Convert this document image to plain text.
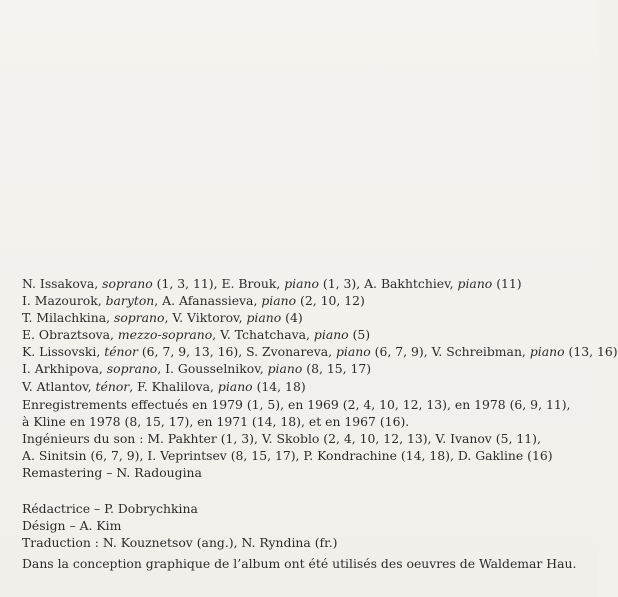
N. Issakova, soprano (1, 3, 11), E. Brouk, piano (1, 3), A. Bakhtchiev, piano (11)
I. Mazourok, baryton, A. Afanassieva, piano (2, 10, 12)
T. Milachkina, soprano, V. Viktorov, piano (4)
E. Obraztsova, mezzo-soprano, V. Tchatchava, piano (5)
K. Lissovski, ténor (6, 7, 9, 13, 16), S. Zvonareva, piano (6, 7, 9), V. Schreibman, piano (13, 16)
I. Arkhipova, soprano, I. Gousselnikov, piano (8, 15, 17)
V. Atlantov, ténor, F. Khalilova, piano (14, 18)
Enregistrements effectués en 1979 (1, 5), en 1969 (2, 4, 10, 12, 13), en 1978 (6, 9, 11),
à Kline en 1978 (8, 15, 17), en 1971 (14, 18), et en 1967 (16).
Ingénieurs du son : M. Pakhter (1, 3), V. Skoblo (2, 4, 10, 12, 13), V. Ivanov (5, 11),
A. Sinitsin (6, 7, 9), I. Veprintsev (8, 15, 17), P. Kondrachine (14, 18), D. Gakline (16)
Remastering – N. Radougina
Rédactrice – P. Dobrychkina
Désign – A. Kim
Traduction : N. Kouznetsov (ang.), N. Ryndina (fr.)
Dans la conception graphique de l’album ont été utilisés des oeuvres de Waldemar Hau.
